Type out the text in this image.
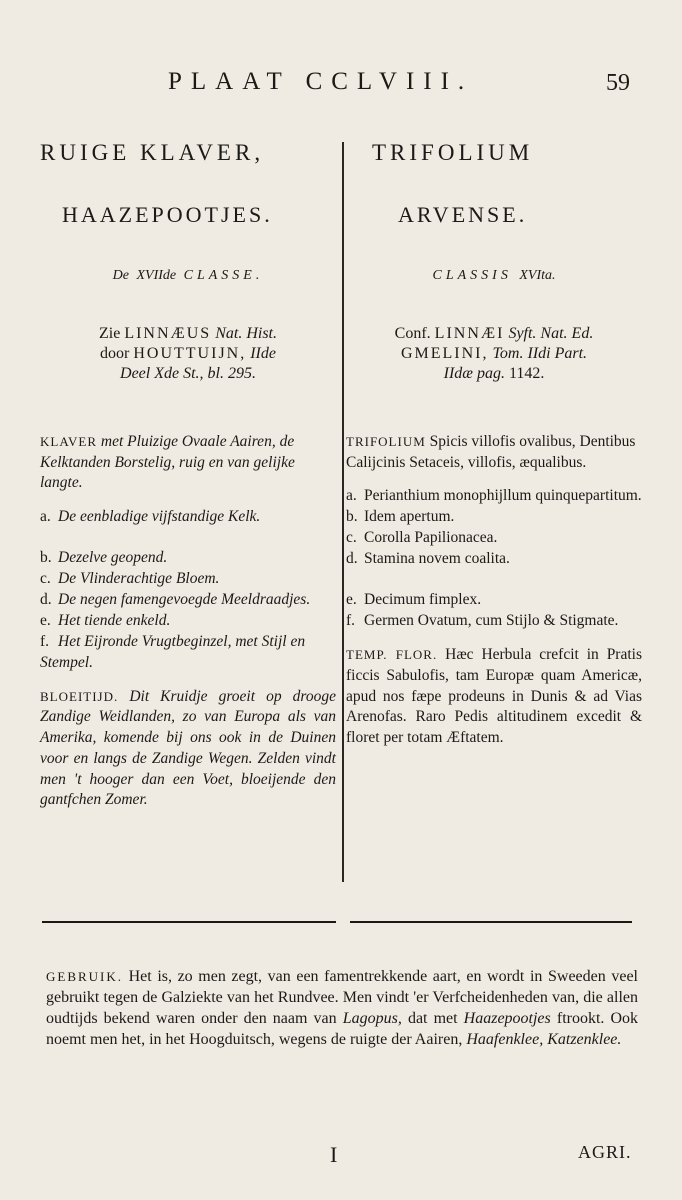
PLAAT CCLVIII.	59
RUIGE KLAVER,
HAAZEPOOTJES.
De XVIIde CLASSE.
Zie LINNÆUS Nat. Hist.
door HOUTTUIJN, IIde
Deel Xde St., bl. 295.
KLAVER met Pluizige Ovaale Aairen, de Kelktanden Borstelig, ruig en van gelijke langte.
a. De eenbladige vijfstandige Kelk.
b. Dezelve geopend.
c. De Vlinderachtige Bloem.
d. De negen famengevoegde Meeldraadjes.
e. Het tiende enkeld.
f. Het Eijronde Vrugtbeginzel, met Stijl en Stempel.
BLOEITIJD. Dit Kruidje groeit op drooge Zandige Weidlanden, zo van Europa als van Amerika, komende bij ons ook in de Duinen voor en langs de Zandige Wegen. Zelden vindt men 't hooger dan een Voet, bloeijende den gantfchen Zomer.
TRIFOLIUM
ARVENSE.
CLASSIS XVIta.
Conf. LINNÆI Syft. Nat. Ed.
GMELINI, Tom. IIdi Part.
IIdæ pag. 1142.
TRIFOLIUM Spicis villofis ovalibus, Dentibus Calijcinis Setaceis, villofis, æqualibus.
a. Perianthium monophijllum quinquepartitum.
b. Idem apertum.
c. Corolla Papilionacea.
d. Stamina novem coalita.
e. Decimum fimplex.
f. Germen Ovatum, cum Stijlo & Stigmate.
TEMP. FLOR. Hæc Herbula crefcit in Pratis ficcis Sabulofis, tam Europæ quam Americæ, apud nos fæpe prodeuns in Dunis & ad Vias Arenofas. Raro Pedis altitudinem excedit & floret per totam Æftatem.
GEBRUIK. Het is, zo men zegt, van een famentrekkende aart, en wordt in Sweeden veel gebruikt tegen de Galziekte van het Rundvee. Men vindt 'er Verfcheidenheden van, die allen oudtijds bekend waren onder den naam van Lagopus, dat met Haazepootjes ftrookt. Ook noemt men het, in het Hoogduitsch, wegens de ruigte der Aairen, Haafenklee, Katzenklee.
I	AGRI.
